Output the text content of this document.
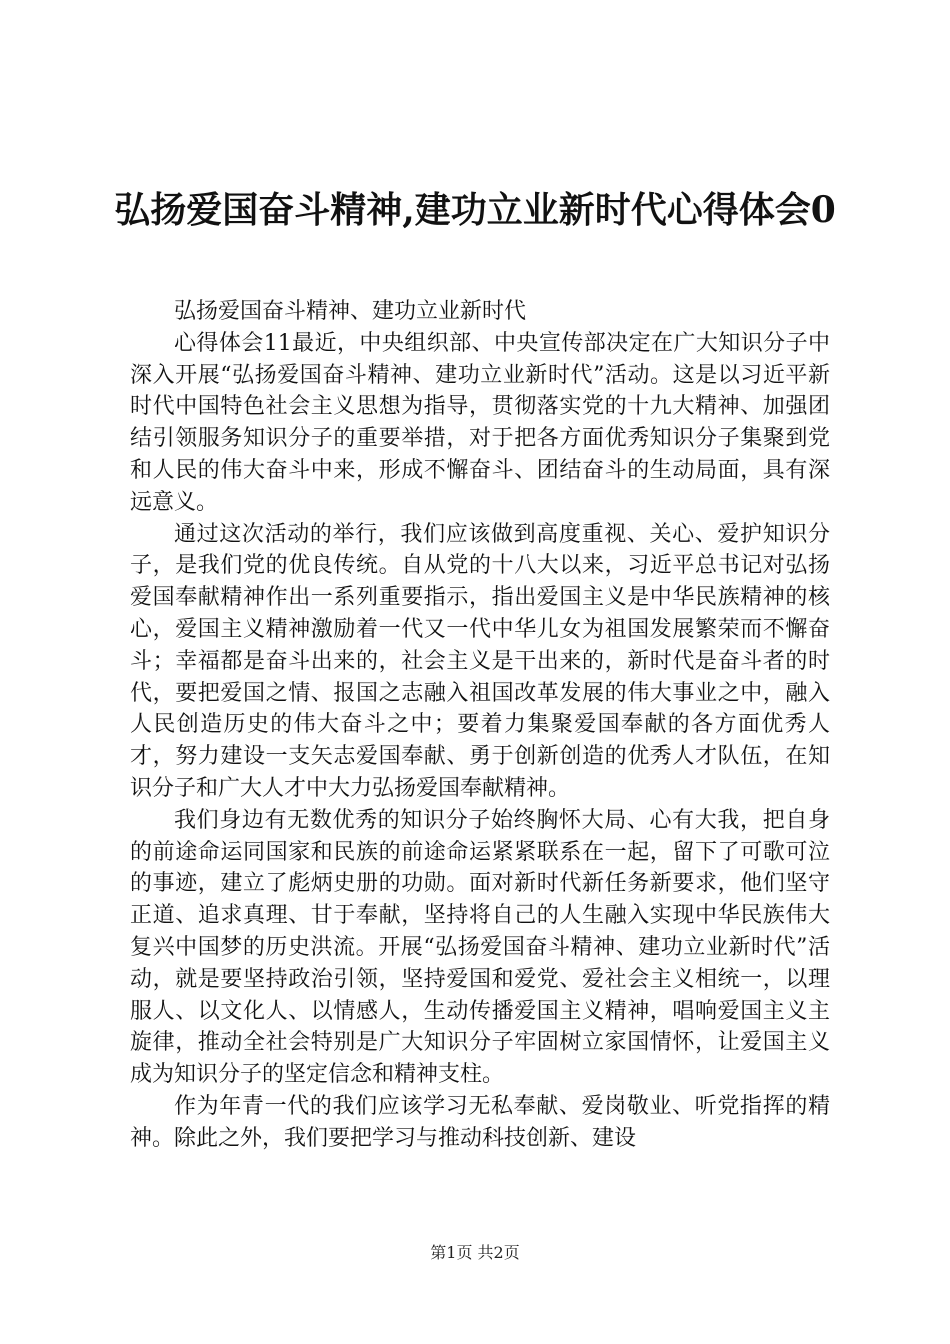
弘扬爱国奋斗精神,建功立业新时代心得体会0

弘扬爱国奋斗精神、建功立业新时代

心得体会11最近，中央组织部、中央宣传部决定在广大知识分子中深入开展“弘扬爱国奋斗精神、建功立业新时代”活动。这是以习近平新时代中国特色社会主义思想为指导，贯彻落实党的十九大精神、加强团结引领服务知识分子的重要举措，对于把各方面优秀知识分子集聚到党和人民的伟大奋斗中来，形成不懈奋斗、团结奋斗的生动局面，具有深远意义。

通过这次活动的举行，我们应该做到高度重视、关心、爱护知识分子，是我们党的优良传统。自从党的十八大以来，习近平总书记对弘扬爱国奉献精神作出一系列重要指示，指出爱国主义是中华民族精神的核心，爱国主义精神激励着一代又一代中华儿女为祖国发展繁荣而不懈奋斗；幸福都是奋斗出来的，社会主义是干出来的，新时代是奋斗者的时代，要把爱国之情、报国之志融入祖国改革发展的伟大事业之中，融入人民创造历史的伟大奋斗之中；要着力集聚爱国奉献的各方面优秀人才，努力建设一支矢志爱国奉献、勇于创新创造的优秀人才队伍，在知识分子和广大人才中大力弘扬爱国奉献精神。

我们身边有无数优秀的知识分子始终胸怀大局、心有大我，把自身的前途命运同国家和民族的前途命运紧紧联系在一起，留下了可歌可泣的事迹，建立了彪炳史册的功勋。面对新时代新任务新要求，他们坚守正道、追求真理、甘于奉献，坚持将自己的人生融入实现中华民族伟大复兴中国梦的历史洪流。开展“弘扬爱国奋斗精神、建功立业新时代”活动，就是要坚持政治引领，坚持爱国和爱党、爱社会主义相统一，以理服人、以文化人、以情感人，生动传播爱国主义精神，唱响爱国主义主旋律，推动全社会特别是广大知识分子牢固树立家国情怀，让爱国主义成为知识分子的坚定信念和精神支柱。

作为年青一代的我们应该学习无私奉献、爱岗敬业、听党指挥的精神。除此之外，我们要把学习与推动科技创新、建设

第1页 共2页
